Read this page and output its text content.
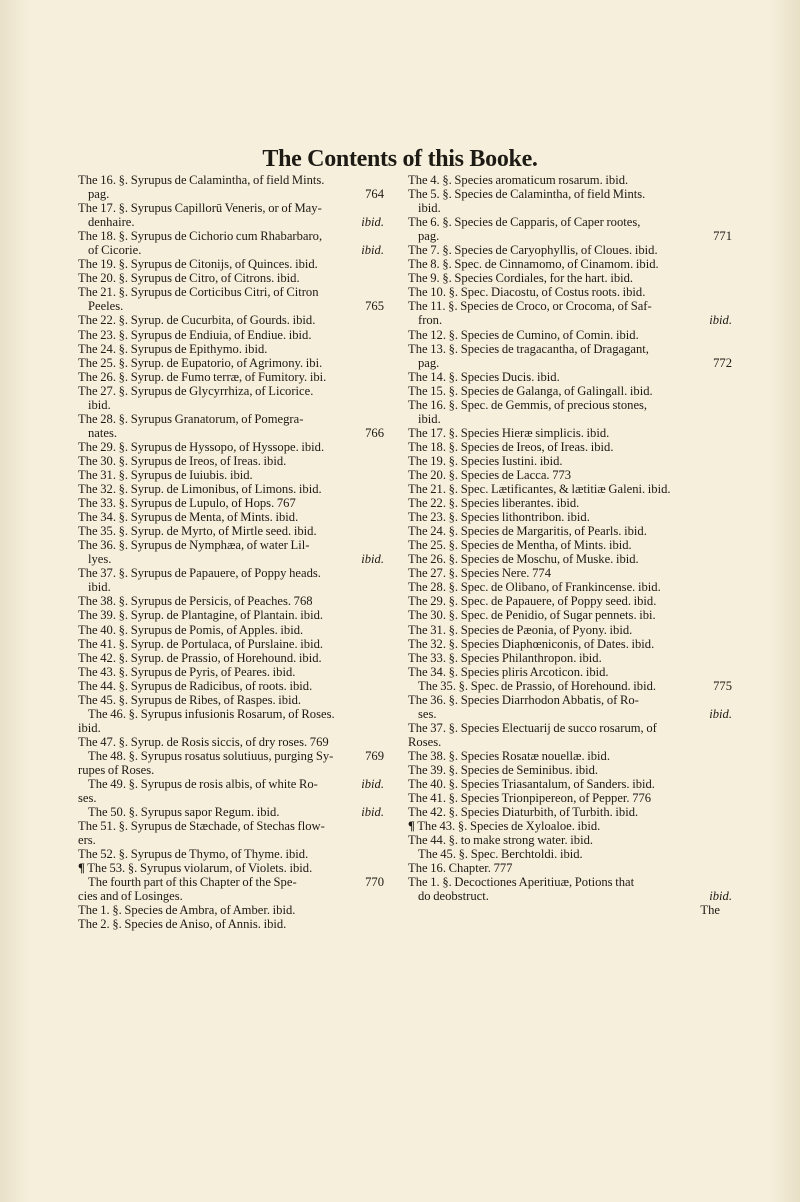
The Contents of this Booke.

The 16. §. Syrupus de Calamintha, of field Mints.

pag.	764

The 17. §. Syrupus Capillorū Veneris, or of May-

denhaire.	ibid.

The 18. §. Syrupus de Cichorio cum Rhabarbaro,

of Cicorie.	ibid.

The 19. §. Syrupus de Citonijs, of Quinces. ibid.

The 20. §. Syrupus de Citro, of Citrons. ibid.

The 21. §. Syrupus de Corticibus Citri, of Citron

Peeles.	765

The 22. §. Syrup. de Cucurbita, of Gourds. ibid.

The 23. §. Syrupus de Endiuia, of Endiue. ibid.

The 24. §. Syrupus de Epithymo. ibid.

The 25. §. Syrup. de Eupatorio, of Agrimony. ibi.

The 26. §. Syrup. de Fumo terræ, of Fumitory. ibi.

The 27. §. Syrupus de Glycyrrhiza, of Licorice.

ibid.

The 28. §. Syrupus Granatorum, of Pomegra-

nates.	766

The 29. §. Syrupus de Hyssopo, of Hyssope. ibid.

The 30. §. Syrupus de Ireos, of Ireas. ibid.

The 31. §. Syrupus de Iuiubis. ibid.

The 32. §. Syrup. de Limonibus, of Limons. ibid.

The 33. §. Syrupus de Lupulo, of Hops. 767

The 34. §. Syrupus de Menta, of Mints. ibid.

The 35. §. Syrup. de Myrto, of Mirtle seed. ibid.

The 36. §. Syrupus de Nymphæa, of water Lil-

lyes.	ibid.

The 37. §. Syrupus de Papauere, of Poppy heads.

ibid.

The 38. §. Syrupus de Persicis, of Peaches. 768

The 39. §. Syrup. de Plantagine, of Plantain. ibid.

The 40. §. Syrupus de Pomis, of Apples. ibid.

The 41. §. Syrup. de Portulaca, of Purslaine. ibid.

The 42. §. Syrup. de Prassio, of Horehound. ibid.

The 43. §. Syrupus de Pyris, of Peares. ibid.

The 44. §. Syrupus de Radicibus, of roots. ibid.

The 45. §. Syrupus de Ribes, of Raspes. ibid.

The 46. §. Syrupus infusionis Rosarum, of Roses.

ibid.

The 47. §. Syrup. de Rosis siccis, of dry roses. 769

The 48. §. Syrupus rosatus solutiuus, purging Sy-	769

rupes of Roses.

The 49. §. Syrupus de rosis albis, of white Ro-	ibid.

ses.

The 50. §. Syrupus sapor Regum. ibid.	ibid.

The 51. §. Syrupus de Stæchade, of Stechas flow-

ers.

The 52. §. Syrupus de Thymo, of Thyme. ibid.

¶ The 53. §. Syrupus violarum, of Violets. ibid.

The fourth part of this Chapter of the Spe-	770

cies and of Losinges.

The 1. §. Species de Ambra, of Amber. ibid.

The 2. §. Species de Aniso, of Annis. ibid.

The 4. §. Species aromaticum rosarum. ibid.

The 5. §. Species de Calamintha, of field Mints.

ibid.

The 6. §. Species de Capparis, of Caper rootes,

pag.	771

The 7. §. Species de Caryophyllis, of Cloues. ibid.

The 8. §. Spec. de Cinnamomo, of Cinamom. ibid.

The 9. §. Species Cordiales, for the hart. ibid.

The 10. §. Spec. Diacostu, of Costus roots. ibid.

The 11. §. Species de Croco, or Crocoma, of Saf-

fron.	ibid.

The 12. §. Species de Cumino, of Comin. ibid.

The 13. §. Species de tragacantha, of Dragagant,

pag.	772

The 14. §. Species Ducis. ibid.

The 15. §. Species de Galanga, of Galingall. ibid.

The 16. §. Spec. de Gemmis, of precious stones,

ibid.

The 17. §. Species Hieræ simplicis. ibid.

The 18. §. Species de Ireos, of Ireas. ibid.

The 19. §. Species Iustini. ibid.

The 20. §. Species de Lacca. 773

The 21. §. Spec. Lætificantes, & lætitiæ Galeni. ibid.

The 22. §. Species liberantes. ibid.

The 23. §. Species lithontribon. ibid.

The 24. §. Species de Margaritis, of Pearls. ibid.

The 25. §. Species de Mentha, of Mints. ibid.

The 26. §. Species de Moschu, of Muske. ibid.

The 27. §. Species Nere. 774

The 28. §. Spec. de Olibano, of Frankincense. ibid.

The 29. §. Spec. de Papauere, of Poppy seed. ibid.

The 30. §. Spec. de Penidio, of Sugar pennets. ibi.

The 31. §. Species de Pæonia, of Pyony. ibid.

The 32. §. Species Diaphœniconis, of Dates. ibid.

The 33. §. Species Philanthropon. ibid.

The 34. §. Species pliris Arcoticon. ibid.

The 35. §. Spec. de Prassio, of Horehound. ibid.	775

The 36. §. Species Diarrhodon Abbatis, of Ro-

ses.	ibid.

The 37. §. Species Electuarij de succo rosarum, of

Roses.

The 38. §. Species Rosatæ nouellæ. ibid.

The 39. §. Species de Seminibus. ibid.

The 40. §. Species Triasantalum, of Sanders. ibid.

The 41. §. Species Trionpipereon, of Pepper. 776

The 42. §. Species Diaturbith, of Turbith. ibid.

¶ The 43. §. Species de Xyloaloe. ibid.

The 44. §. to make strong water. ibid.

The 45. §. Spec. Berchtoldi. ibid.

The 16. Chapter. 777

The 1. §. Decoctiones Aperitiuæ, Potions that

do deobstruct.	ibid.

The
